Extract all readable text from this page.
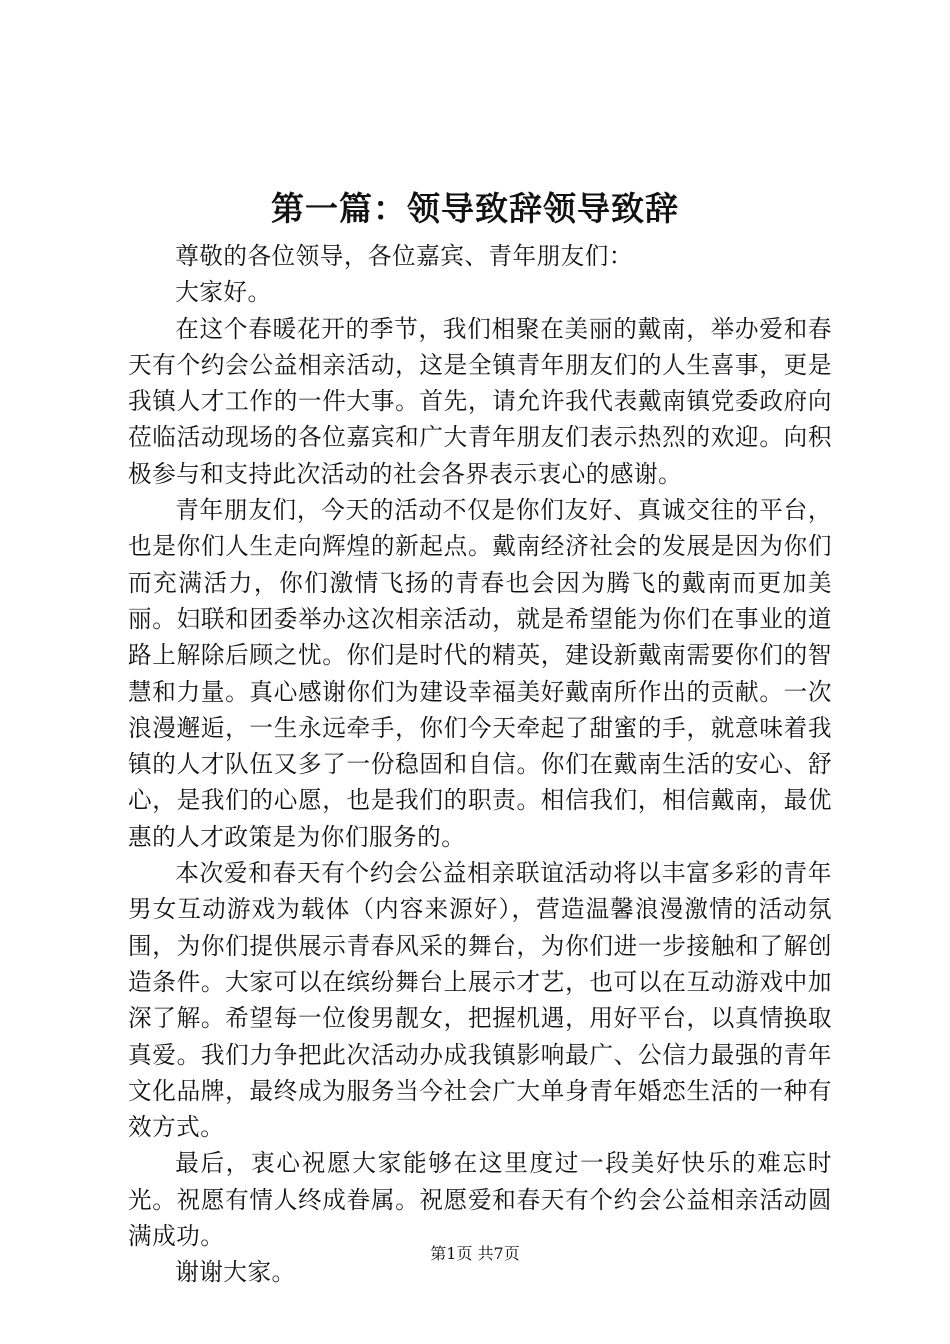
第一篇：领导致辞领导致辞

尊敬的各位领导，各位嘉宾、青年朋友们：

大家好。

在这个春暖花开的季节，我们相聚在美丽的戴南，举办爱和春天有个约会公益相亲活动，这是全镇青年朋友们的人生喜事，更是我镇人才工作的一件大事。首先，请允许我代表戴南镇党委政府向莅临活动现场的各位嘉宾和广大青年朋友们表示热烈的欢迎。向积极参与和支持此次活动的社会各界表示衷心的感谢。

青年朋友们，今天的活动不仅是你们友好、真诚交往的平台，也是你们人生走向辉煌的新起点。戴南经济社会的发展是因为你们而充满活力，你们激情飞扬的青春也会因为腾飞的戴南而更加美丽。妇联和团委举办这次相亲活动，就是希望能为你们在事业的道路上解除后顾之忧。你们是时代的精英，建设新戴南需要你们的智慧和力量。真心感谢你们为建设幸福美好戴南所作出的贡献。一次浪漫邂逅，一生永远牵手，你们今天牵起了甜蜜的手，就意味着我镇的人才队伍又多了一份稳固和自信。你们在戴南生活的安心、舒心，是我们的心愿，也是我们的职责。相信我们，相信戴南，最优惠的人才政策是为你们服务的。

本次爱和春天有个约会公益相亲联谊活动将以丰富多彩的青年男女互动游戏为载体（内容来源好），营造温馨浪漫激情的活动氛围，为你们提供展示青春风采的舞台，为你们进一步接触和了解创造条件。大家可以在缤纷舞台上展示才艺，也可以在互动游戏中加深了解。希望每一位俊男靓女，把握机遇，用好平台，以真情换取真爱。我们力争把此次活动办成我镇影响最广、公信力最强的青年文化品牌，最终成为服务当今社会广大单身青年婚恋生活的一种有效方式。

最后，衷心祝愿大家能够在这里度过一段美好快乐的难忘时光。祝愿有情人终成眷属。祝愿爱和春天有个约会公益相亲活动圆满成功。

谢谢大家。

第1页 共7页
